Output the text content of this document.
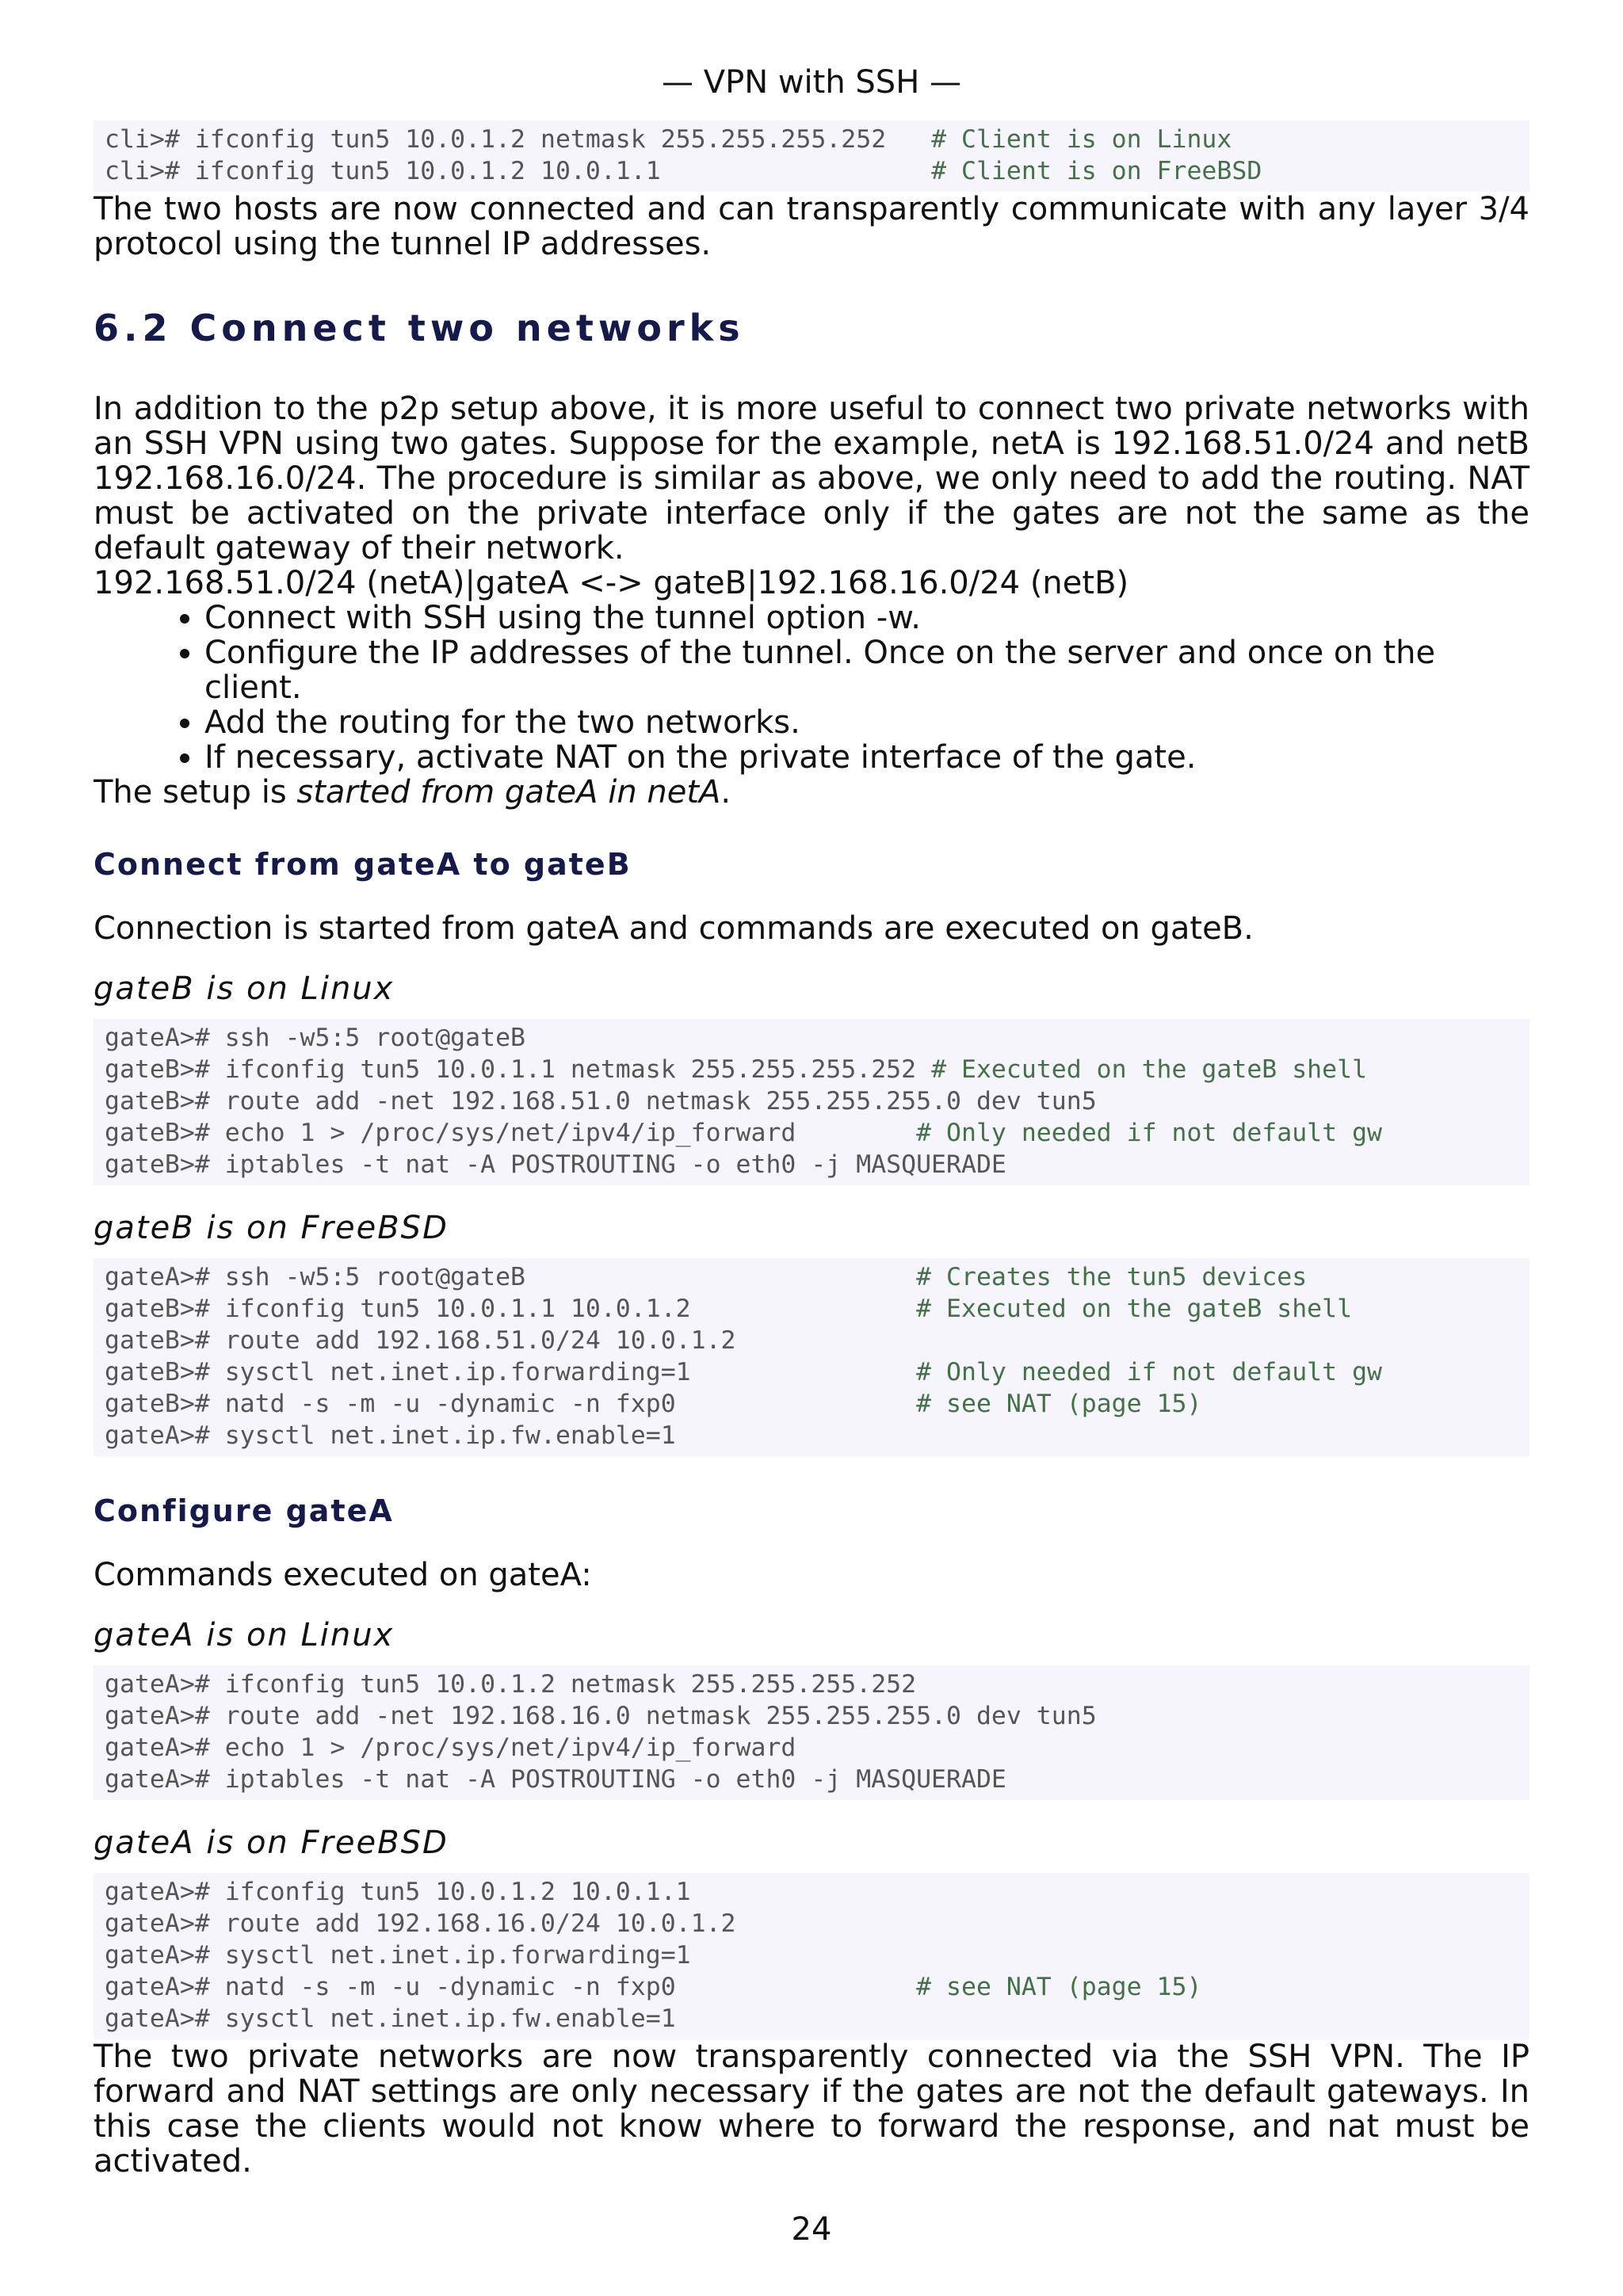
— VPN with SSH —
cli># ifconfig tun5 10.0.1.2 netmask 255.255.255.252   # Client is on Linux
cli># ifconfig tun5 10.0.1.2 10.0.1.1                  # Client is on FreeBSD

The two hosts are now connected and can transparently communicate with any layer 3/4 protocol using the tunnel IP addresses.

6.2 Connect two networks

In addition to the p2p setup above, it is more useful to connect two private networks with an SSH VPN using two gates. Suppose for the example, netA is 192.168.51.0/24 and netB 192.168.16.0/24. The procedure is similar as above, we only need to add the routing. NAT must be activated on the private interface only if the gates are not the same as the default gateway of their network.

192.168.51.0/24 (netA)|gateA <-> gateB|192.168.16.0/24 (netB)

• Connect with SSH using the tunnel option -w.
• Configure the IP addresses of the tunnel. Once on the server and once on the client.
• Add the routing for the two networks.
• If necessary, activate NAT on the private interface of the gate.

The setup is started from gateA in netA.

Connect from gateA to gateB

Connection is started from gateA and commands are executed on gateB.

gateB is on Linux
gateA># ssh -w5:5 root@gateB
gateB># ifconfig tun5 10.0.1.1 netmask 255.255.255.252 # Executed on the gateB shell
gateB># route add -net 192.168.51.0 netmask 255.255.255.0 dev tun5
gateB># echo 1 > /proc/sys/net/ipv4/ip_forward        # Only needed if not default gw
gateB># iptables -t nat -A POSTROUTING -o eth0 -j MASQUERADE
gateB is on FreeBSD
gateA># ssh -w5:5 root@gateB                          # Creates the tun5 devices
gateB># ifconfig tun5 10.0.1.1 10.0.1.2               # Executed on the gateB shell
gateB># route add 192.168.51.0/24 10.0.1.2
gateB># sysctl net.inet.ip.forwarding=1               # Only needed if not default gw
gateB># natd -s -m -u -dynamic -n fxp0                # see NAT (page 15)
gateA># sysctl net.inet.ip.fw.enable=1
Configure gateA

Commands executed on gateA:

gateA is on Linux
gateA># ifconfig tun5 10.0.1.2 netmask 255.255.255.252
gateA># route add -net 192.168.16.0 netmask 255.255.255.0 dev tun5
gateA># echo 1 > /proc/sys/net/ipv4/ip_forward
gateA># iptables -t nat -A POSTROUTING -o eth0 -j MASQUERADE
gateA is on FreeBSD
gateA># ifconfig tun5 10.0.1.2 10.0.1.1
gateA># route add 192.168.16.0/24 10.0.1.2
gateA># sysctl net.inet.ip.forwarding=1
gateA># natd -s -m -u -dynamic -n fxp0                # see NAT (page 15)
gateA># sysctl net.inet.ip.fw.enable=1

The two private networks are now transparently connected via the SSH VPN. The IP forward and NAT settings are only necessary if the gates are not the default gateways. In this case the clients would not know where to forward the response, and nat must be activated.

24
